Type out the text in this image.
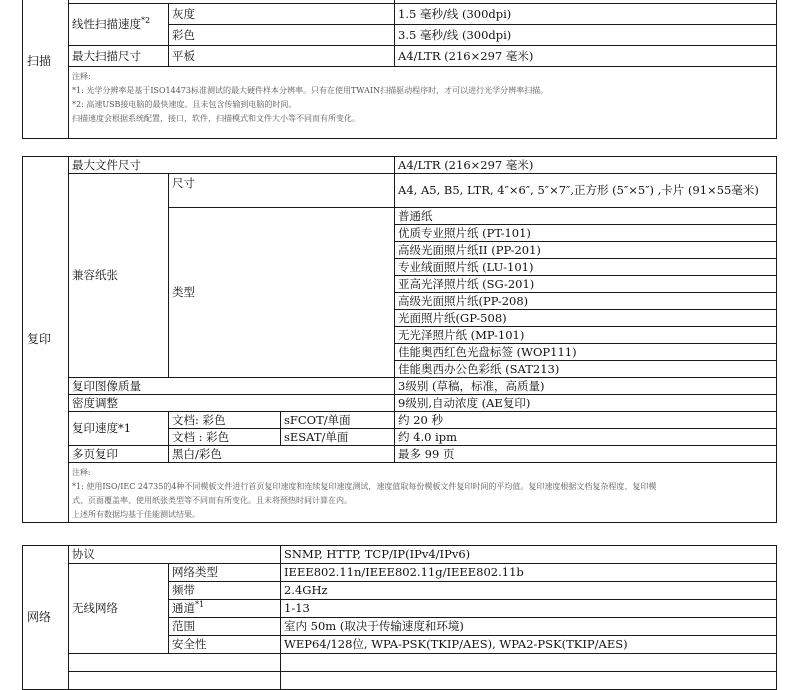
扫描			
	线性扫描速度$^{*2}$	灰度	1.5 毫秒/线 (300dpi)
		彩色	3.5 毫秒/线 (300dpi)
	最大扫描尺寸	平板	A4/LTR (216×297 毫米)

	注释:
*1: 光学分辨率是基于ISO14473标准测试的最大硬件样本分辨率。只有在使用TWAIN扫描驱动程序时，才可以进行光学分辨率扫描。
*2: 高速USB接电脑的最快速度。且未包含传输到电脑的时间。
扫描速度会根据系统配置，接口，软件，扫描模式和文件大小等不同而有所变化。		
复印	最大文件尺寸			A4/LTR (216×297 毫米)
	兼容纸张	尺寸		A4, A5, B5, LTR, 4″×6″, 5″×7″,正方形 (5″×5″) ,卡片 (91×55毫米)
		类型		普通纸
				优质专业照片纸 (PT-101)
				高级光面照片纸II (PP-201)
				专业绒面照片纸 (LU-101)
				亚高光泽照片纸 (SG-201)
				高级光面照片纸(PP-208)
				光面照片纸(GP-508)
				无光泽照片纸 (MP-101)
				佳能奥西红色光盘标签 (WOP111)
				佳能奥西办公色彩纸 (SAT213)
	复印图像质量			3级别 (草稿，标准，高质量)
	密度调整			9级别,自动浓度 (AE复印)
	复印速度*1	文档: 彩色	sFCOT/单面	约 20 秒
		文档 : 彩色	sESAT/单面	约 4.0 ipm
	多页复印	黑白/彩色		最多 99 页

	注释:
*1: 使用ISO/IEC 24735的4种不同模板文件进行首页复印速度和连续复印速度测试，速度值取每份模板文件复印时间的平均值。复印速度根据文档复杂程度、复印模
式、页面覆盖率、使用纸张类型等不同而有所变化。且未将预热时间计算在内。
上述所有数据均基于佳能测试结果。			
网络	协议		SNMP, HTTP, TCP/IP(IPv4/IPv6)
	无线网络	网络类型	IEEE802.11n/IEEE802.11g/IEEE802.11b
		频带	2.4GHz
		通道$^{*1}$	1-13
		范围	室内 50m (取决于传输速度和环境)
		安全性	WEP64/128位, WPA-PSK(TKIP/AES), WPA2-PSK(TKIP/AES)
